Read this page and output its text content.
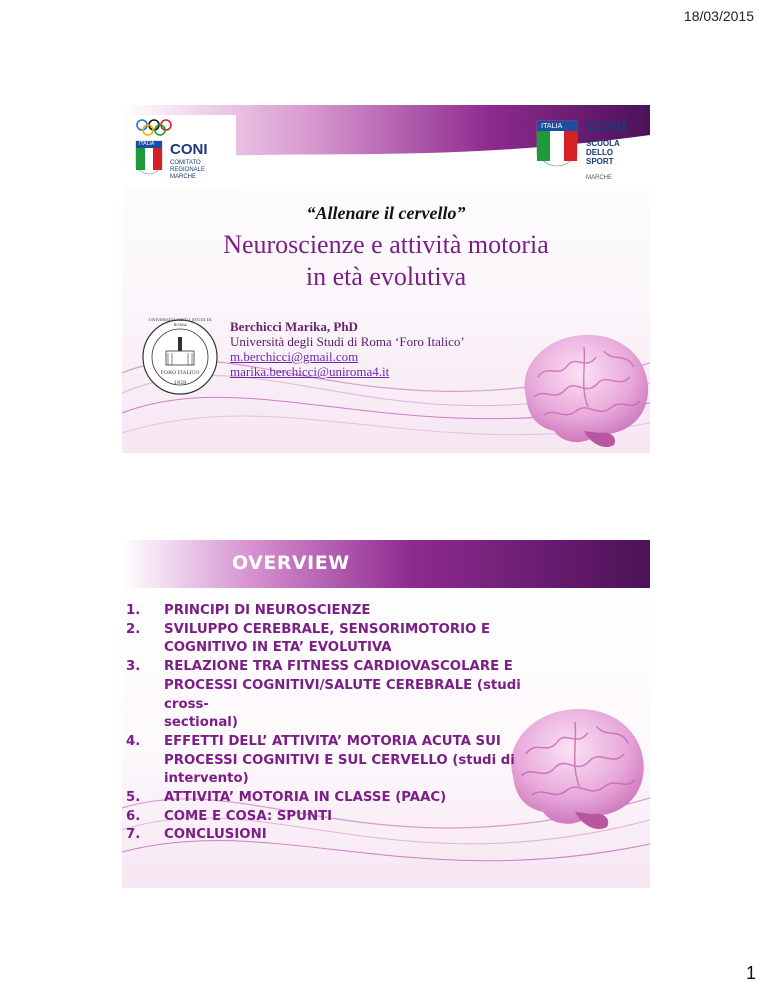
18/03/2015
ITALIA CONI
COMITATO
REGIONALE
MARCHE
ITALIA CONI
SCUOLA
DELLO SPORT
MARCHE
“Allenare il cervello”
Neuroscienze e attività motoria
in età evolutiva
UNIVERSITÀ DEGLI STUDI DI ROMA
FORO ITALICO
1928
Berchicci Marika, PhD
Università degli Studi di Roma ‘Foro Italico’
m.berchicci@gmail.com
marika.berchicci@uniroma4.it
OVERVIEW
1. PRINCIPI DI NEUROSCIENZE
2. SVILUPPO CEREBRALE, SENSORIMOTORIO E
COGNITIVO IN ETA’ EVOLUTIVA
3. RELAZIONE TRA FITNESS CARDIOVASCOLARE E
PROCESSI COGNITIVI/SALUTE CEREBRALE (studi cross-
sectional)
4. EFFETTI DELL’ ATTIVITA’ MOTORIA ACUTA SUI
PROCESSI COGNITIVI E SUL CERVELLO (studi di
intervento)
5. ATTIVITA’ MOTORIA IN CLASSE (PAAC)
6. COME E COSA: SPUNTI
7. CONCLUSIONI
1
